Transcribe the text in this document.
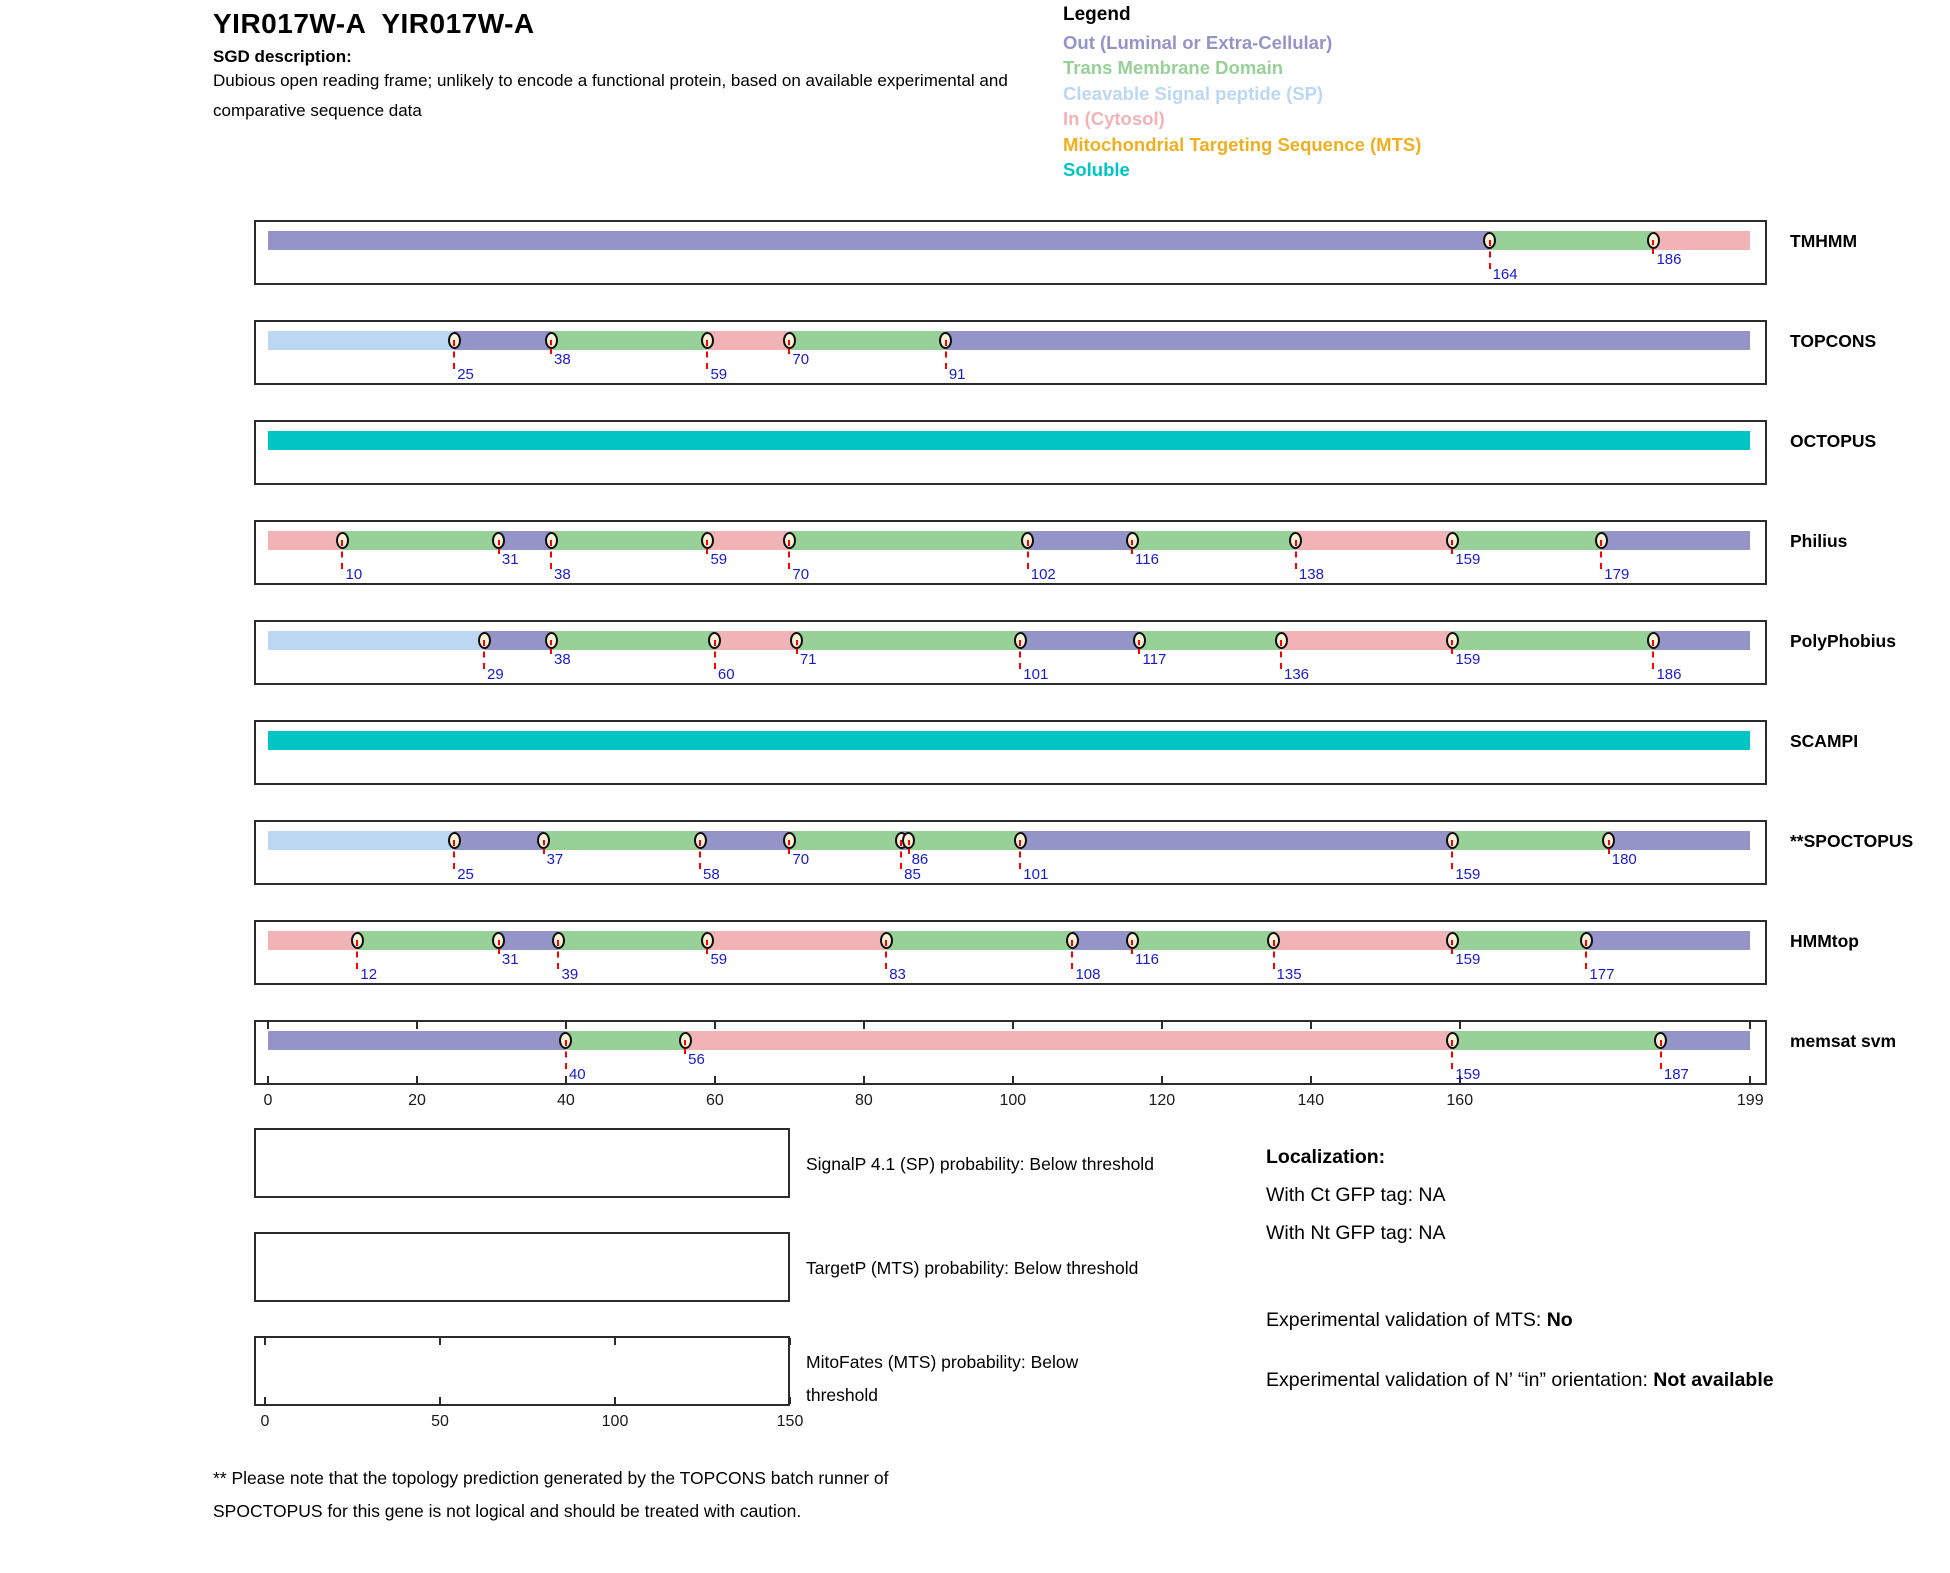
YIR017W-A  YIR017W-A
SGD description:
Dubious open reading frame; unlikely to encode a functional protein, based on available experimental and comparative sequence data
Legend
Out (Luminal or Extra-Cellular)
Trans Membrane Domain
Cleavable Signal peptide (SP)
In (Cytosol)
Mitochondrial Targeting Sequence (MTS)
Soluble
164
186
TMHMM
25
38
59
70
91
TOPCONS
OCTOPUS
10
31
38
59
70	102
116
138
159
179
Philius
29
38
60
71
101
117
136
159
186
PolyPhobius
SCAMPI
25
37
58
70
85
86
101	159
180
**SPOCTOPUS
12
31
39
59
83	108
116
135
159
177
HMMtop
40
56
159	187
memsat svm
0	20	40	60	80	100	120	140	160	199
SignalP 4.1 (SP) probability: Below threshold
TargetP (MTS) probability: Below threshold
0	50	100	150
MitoFates (MTS) probability: Below threshold
Localization:
With Ct GFP tag: NA
With Nt GFP tag: NA
Experimental validation of MTS: No
Experimental validation of N’ “in” orientation: Not available
** Please note that the topology prediction generated by the TOPCONS batch runner of SPOCTOPUS for this gene is not logical and should be treated with caution.
